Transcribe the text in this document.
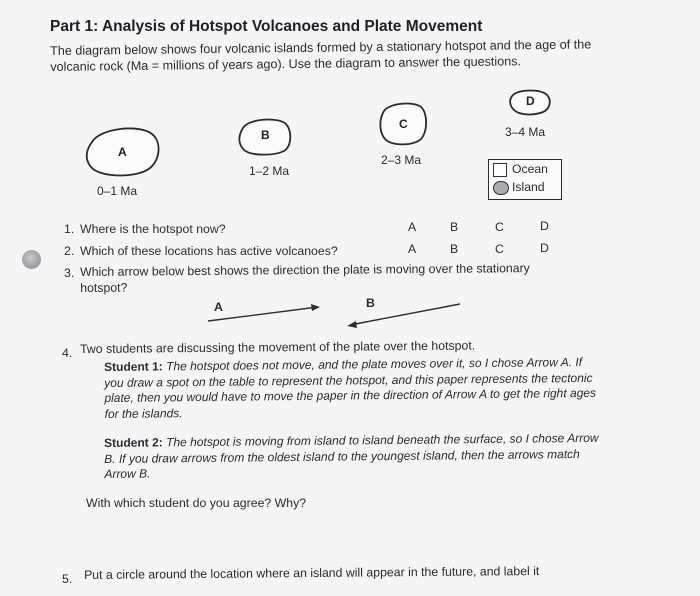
Part 1: Analysis of Hotspot Volcanoes and Plate Movement
The diagram below shows four volcanic islands formed by a stationary hotspot and the age of the volcanic rock (Ma = millions of years ago). Use the diagram to answer the questions.
A
B
C
D
0–1 Ma
1–2 Ma
2–3 Ma
3–4 Ma
Ocean
Island
1. Where is the hotspot now?	A	B	C	D
2. Which of these locations has active volcanoes?	A	B	C	D
3. Which arrow below best shows the direction the plate is moving over the stationary hotspot?
A	B
4. Two students are discussing the movement of the plate over the hotspot.
Student 1: The hotspot does not move, and the plate moves over it, so I chose Arrow A. If you draw a spot on the table to represent the hotspot, and this paper represents the tectonic plate, then you would have to move the paper in the direction of Arrow A to get the right ages for the islands.
Student 2: The hotspot is moving from island to island beneath the surface, so I chose Arrow B. If you draw arrows from the oldest island to the youngest island, then the arrows match Arrow B.
With which student do you agree? Why?
5. Put a circle around the location where an island will appear in the future, and label it
